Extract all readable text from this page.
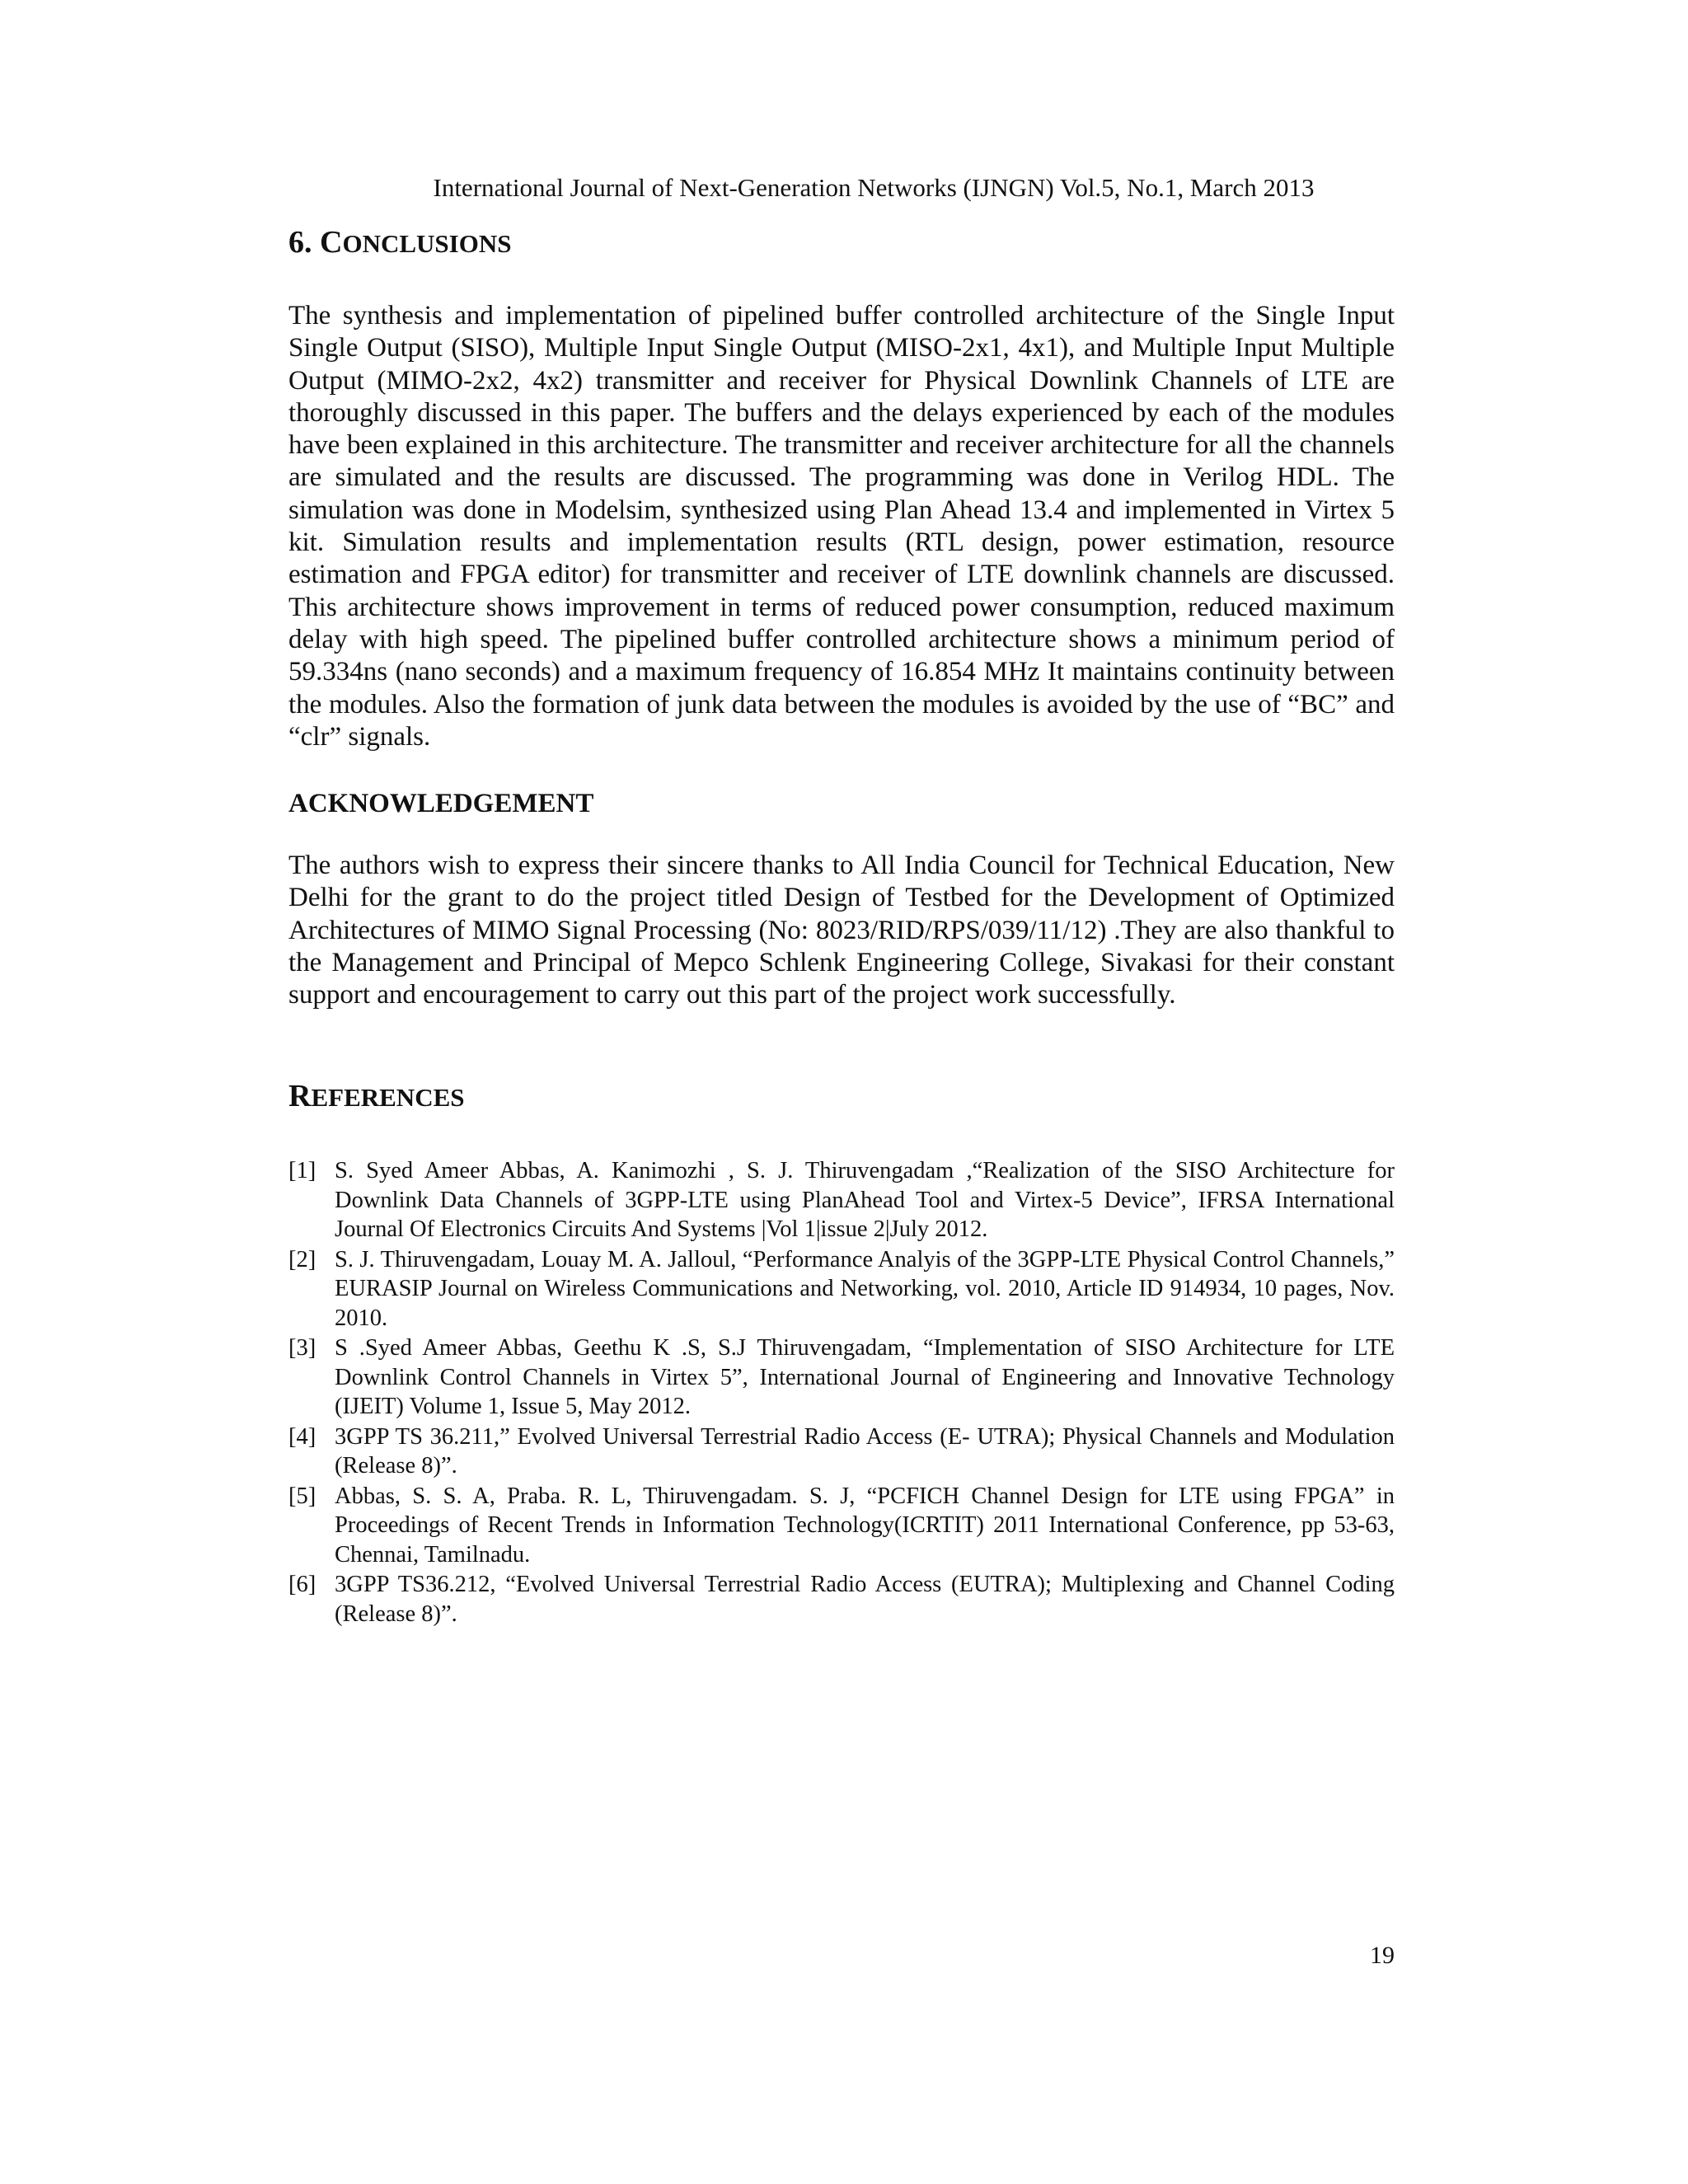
International Journal of Next-Generation Networks (IJNGN) Vol.5, No.1, March 2013
6. CONCLUSIONS

The synthesis and implementation of pipelined buffer controlled architecture of the Single Input Single Output (SISO), Multiple Input Single Output (MISO-2x1, 4x1), and Multiple Input Multiple Output (MIMO-2x2, 4x2) transmitter and receiver for Physical Downlink Channels of LTE are thoroughly discussed in this paper. The buffers and the delays experienced by each of the modules have been explained in this architecture. The transmitter and receiver architecture for all the channels are simulated and the results are discussed. The programming was done in Verilog HDL. The simulation was done in Modelsim, synthesized using Plan Ahead 13.4 and implemented in Virtex 5 kit. Simulation results and implementation results (RTL design, power estimation, resource estimation and FPGA editor) for transmitter and receiver of LTE downlink channels are discussed. This architecture shows improvement in terms of reduced power consumption, reduced maximum delay with high speed. The pipelined buffer controlled architecture shows a minimum period of 59.334ns (nano seconds) and a maximum frequency of 16.854 MHz It maintains continuity between the modules. Also the formation of junk data between the modules is avoided by the use of “BC” and “clr” signals.

ACKNOWLEDGEMENT

The authors wish to express their sincere thanks to All India Council for Technical Education, New Delhi for the grant to do the project titled Design of Testbed for the Development of Optimized Architectures of MIMO Signal Processing (No: 8023/RID/RPS/039/11/12) .They are also thankful to the Management and Principal of Mepco Schlenk Engineering College, Sivakasi for their constant support and encouragement to carry out this part of the project work successfully.

REFERENCES
[1] S. Syed Ameer Abbas, A. Kanimozhi , S. J. Thiruvengadam ,“Realization of the SISO Architecture for Downlink Data Channels of 3GPP-LTE using PlanAhead Tool and Virtex-5 Device”, IFRSA International Journal Of Electronics Circuits And Systems |Vol 1|issue 2|July 2012.
[2] S. J. Thiruvengadam, Louay M. A. Jalloul, “Performance Analyis of the 3GPP-LTE Physical Control Channels,” EURASIP Journal on Wireless Communications and Networking, vol. 2010, Article ID 914934, 10 pages, Nov. 2010.
[3] S .Syed Ameer Abbas, Geethu K .S, S.J Thiruvengadam, “Implementation of SISO Architecture for LTE Downlink Control Channels in Virtex 5”, International Journal of Engineering and Innovative Technology (IJEIT) Volume 1, Issue 5, May 2012.
[4] 3GPP TS 36.211,” Evolved Universal Terrestrial Radio Access (E- UTRA); Physical Channels and Modulation (Release 8)”.
[5] Abbas, S. S. A, Praba. R. L, Thiruvengadam. S. J, “PCFICH Channel Design for LTE using FPGA” in Proceedings of Recent Trends in Information Technology(ICRTIT) 2011 International Conference, pp 53-63, Chennai, Tamilnadu.
[6] 3GPP TS36.212, “Evolved Universal Terrestrial Radio Access (EUTRA); Multiplexing and Channel Coding (Release 8)”.
19
